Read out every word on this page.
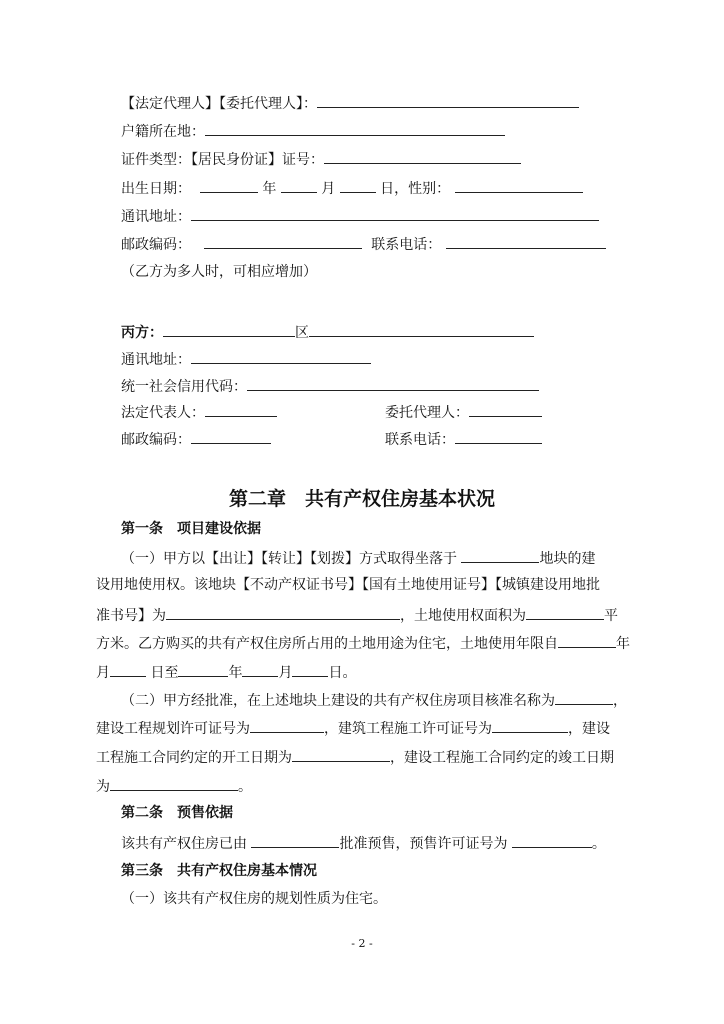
【法定代理人】【委托代理人】：
户籍所在地：
证件类型：【居民身份证】证号：
出生日期：	年	月	日，性别：
通讯地址：
邮政编码：	联系电话：
（乙方为多人时，可相应增加）
丙方：	区
通讯地址：
统一社会信用代码：
法定代表人：	委托代理人：
邮政编码：	联系电话：
第二章　共有产权住房基本状况
第一条　项目建设依据
（一）甲方以【出让】【转让】【划拨】方式取得坐落于	地块的建
设用地使用权。该地块【不动产权证书号】【国有土地使用证号】【城镇建设用地批
准书号】为	，土地使用权面积为	平
方米。乙方购买的共有产权住房所占用的土地用途为住宅，土地使用年限自	年
月	日至	年	月	日。
（二）甲方经批准，在上述地块上建设的共有产权住房项目核准名称为	，
建设工程规划许可证号为	，建筑工程施工许可证号为	，建设
工程施工合同约定的开工日期为	，建设工程施工合同约定的竣工日期
为	。
第二条　预售依据
该共有产权住房已由	批准预售，预售许可证号为	。
第三条　共有产权住房基本情况
（一）该共有产权住房的规划性质为住宅。
- 2 -
